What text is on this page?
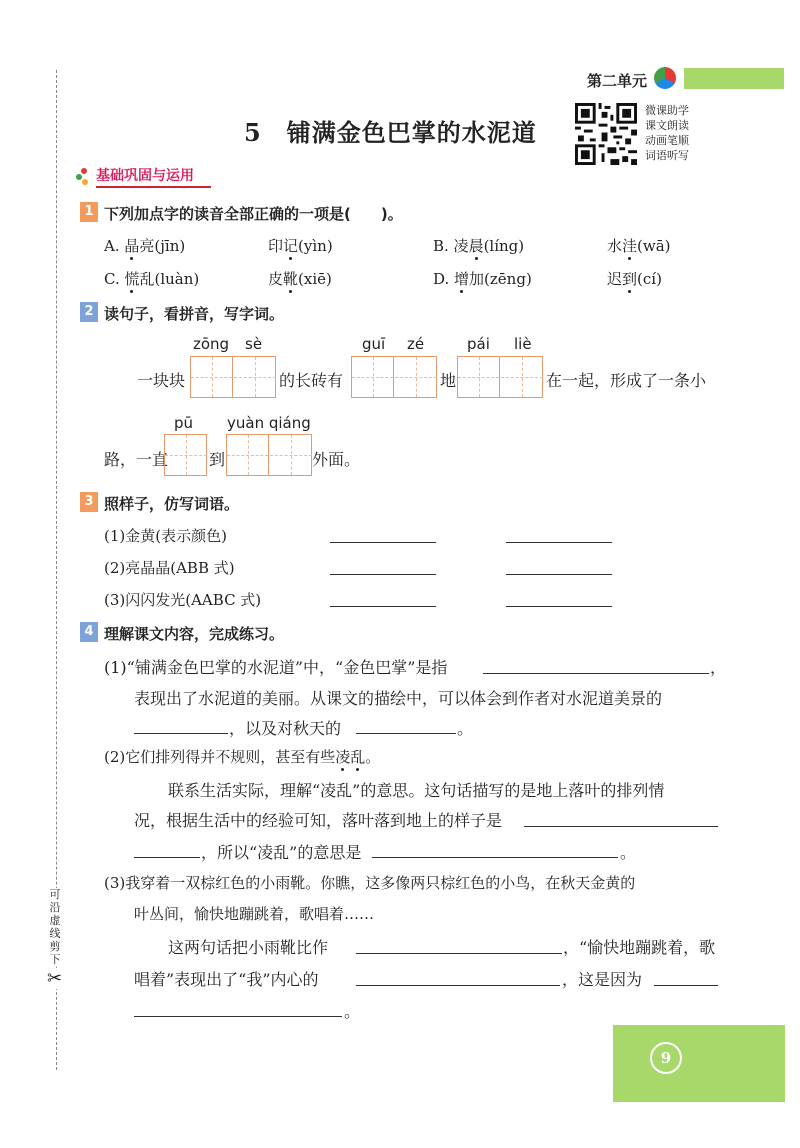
可沿虚线剪下
✂
第二单元
5　铺满金色巴掌的水泥道
微课助学
课文朗读
动画笔顺
词语听写
基础巩固与运用
1 下列加点字的读音全部正确的一项是(　　)。
A. 晶亮(jīn)	印记(yìn)	B. 凌晨(líng)	水洼(wā)
C. 慌乱(luàn)	皮靴(xiē)	D. 增加(zēng)	迟到(cí)
2 读句子，看拼音，写字词。
zōng sè	guī zé	pái liè
一块块	的长砖有	地	在一起，形成了一条小
pū yuàn qiáng
路，一直	到	外面。
3 照样子，仿写词语。
(1)金黄(表示颜色)
(2)亮晶晶(ABB 式)
(3)闪闪发光(AABC 式)
4 理解课文内容，完成练习。
(1)“铺满金色巴掌的水泥道”中，“金色巴掌”是指	，
表现出了水泥道的美丽。从课文的描绘中，可以体会到作者对水泥道美景的
，以及对秋天的	。
(2)它们排列得并不规则，甚至有些凌乱。
联系生活实际，理解“凌乱”的意思。这句话描写的是地上落叶的排列情
况，根据生活中的经验可知，落叶落到地上的样子是
，所以“凌乱”的意思是	。
(3)我穿着一双棕红色的小雨靴。你瞧，这多像两只棕红色的小鸟，在秋天金黄的
叶丛间，愉快地蹦跳着，歌唱着……
这两句话把小雨靴比作	，“愉快地蹦跳着，歌
唱着”表现出了“我”内心的	，这是因为
。
9
